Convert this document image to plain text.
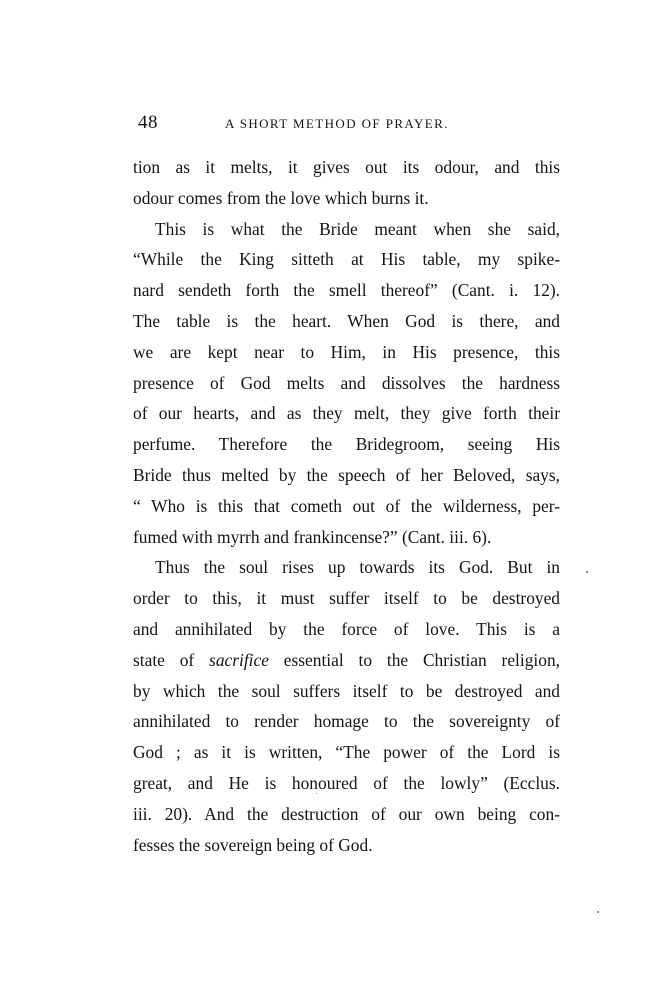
48	A SHORT METHOD OF PRAYER.
tion as it melts, it gives out its odour, and this
odour comes from the love which burns it.
This is what the Bride meant when she said,
“While the King sitteth at His table, my spike-
nard sendeth forth the smell thereof” (Cant. i. 12).
The table is the heart. When God is there, and
we are kept near to Him, in His presence, this
presence of God melts and dissolves the hardness
of our hearts, and as they melt, they give forth their
perfume. Therefore the Bridegroom, seeing His
Bride thus melted by the speech of her Beloved, says,
“ Who is this that cometh out of the wilderness, per-
fumed with myrrh and frankincense?” (Cant. iii. 6).
Thus the soul rises up towards its God. But in
order to this, it must suffer itself to be destroyed
and annihilated by the force of love. This is a
state of sacrifice essential to the Christian religion,
by which the soul suffers itself to be destroyed and
annihilated to render homage to the sovereignty of
God ; as it is written, “The power of the Lord is
great, and He is honoured of the lowly” (Ecclus.
iii. 20). And the destruction of our own being con-
fesses the sovereign being of God.
